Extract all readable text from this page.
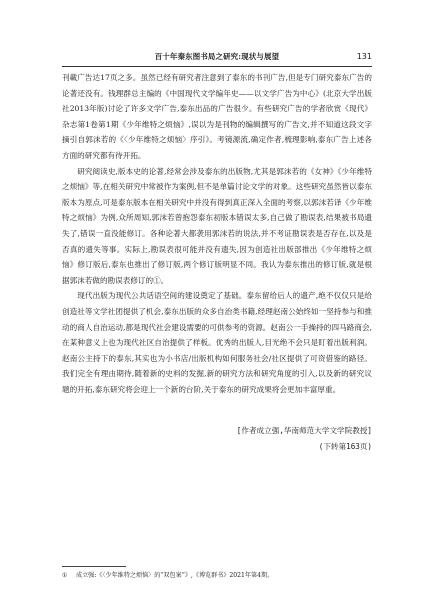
百十年秦东图书局之研究:现状与展望	131

刊載广告达17页之多。虽然已经有研究者注意到了泰东的书刊广告,但是专门研究泰东广告的论著还没有。钱理群总主编的《中国现代文学编年史——以文学广告为中心》(北京大学出版社2013年版)讨论了许多文学广告,泰东出品的广告很少。有些研究广告的学者欣赏《现代》杂志第1卷第1期《少年维特之烦恼》,误以为是刊物的编辑撰写的广告文,并不知道这段文字摘引自郭沫若的《〈少年维特之烦恼〉序引》。考镜源流,确定作者,梳理影响,泰东广告上述各方面的研究都有待开拓。

研究阅读史,版本史的论著,经常会涉及泰东的出版物,尤其是郭沫若的《女神》《少年维特之烦恼》等,在相关研究中常被作为案例,但不是单篇讨论文学的对象。这些研究虽然皆以泰东版本为原点,可是泰东版本在相关研究中并没有得到真正深入全面的考察,以郭沫若译《少年维特之烦恼》为例,众所周知,郭沫若曾抱怨泰东初版本错误太多,自己做了勘误表,结果被书局遗失了,错误一直没能修订。各种论著大都袭用郭沫若的说法,并不考证勘误表是否存在,以及是否真的遗失等事。实际上,勘误表很可能并没有遗失,因为创造社出版部推出《少年维特之烦恼》修订版后,泰东也推出了修订版,两个修订版明显不同。我认为泰东推出的修订版,就是根据郭沫若做的勘误表修订的①。

现代出版为现代公共话语空间的建设奠定了基础。泰东留给后人的遗产,绝不仅仅只是给创造社等文学社团提供了机会,泰东出版的众多自治类书籍,经理赵南公始终如一坚持参与和推动的商人自治运动,都是现代社会建设需要的可供参考的资源。赵南公一手操持的四马路商会,在某种意义上也为现代社区自治提供了样板。优秀的出版人,目光绝不会只是盯着出版利润。赵南公主持下的泰东,其实也为小书店/出版机构如何服务社会/社区提供了可资借鉴的路径。我们完全有理由期待,随着新的史料的发掘,新的研究方法和研究角度的引入,以及新的研究议题的开拓,泰东研究将会迎上一个新的台阶,关于泰东的研究成果将会更加丰富厚重。

[作者成立强,华南师范大学文学院教授]
(下转第163页)
① 成立强:《〈少年维特之烦恼〉的“双包案”》,《博览群书》2021年第4期。
